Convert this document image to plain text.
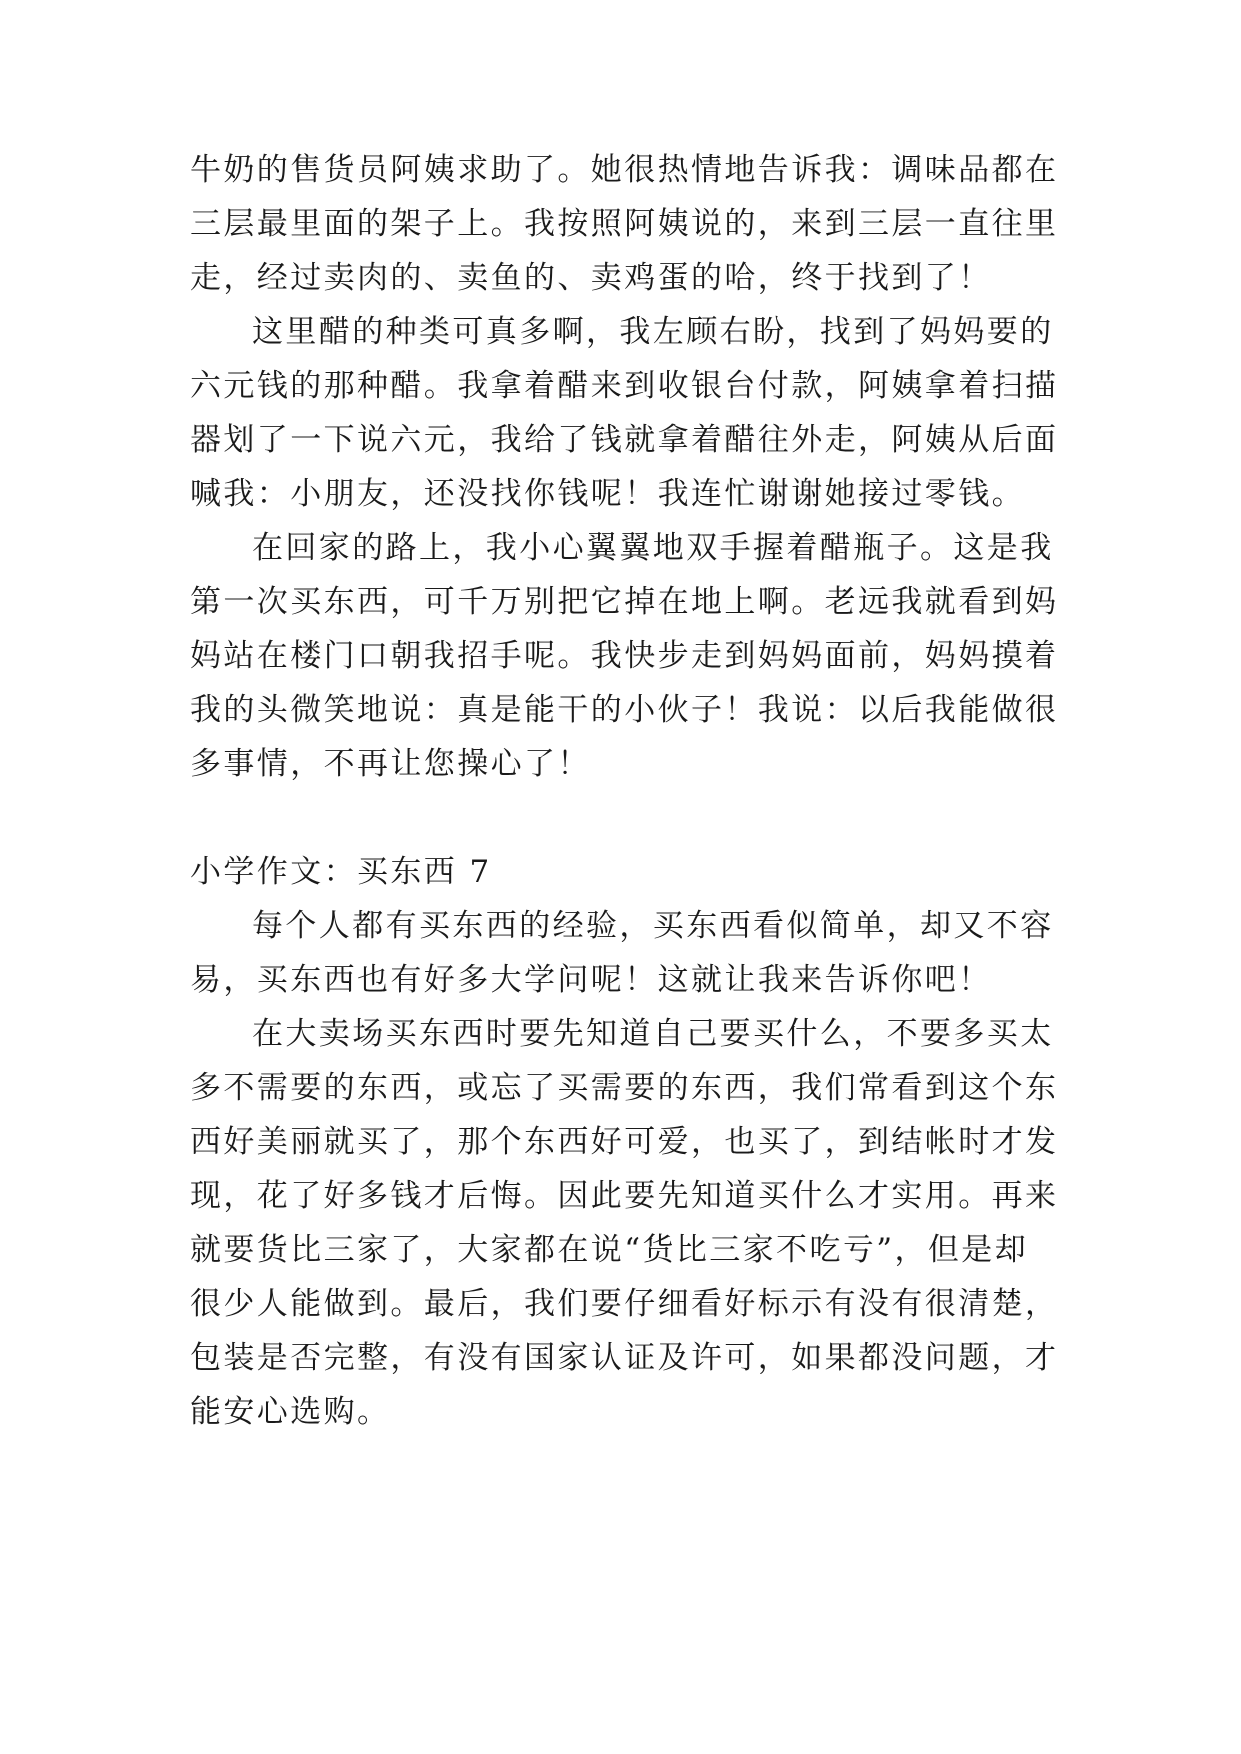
牛奶的售货员阿姨求助了。她很热情地告诉我：调味品都在
三层最里面的架子上。我按照阿姨说的，来到三层一直往里
走，经过卖肉的、卖鱼的、卖鸡蛋的哈，终于找到了！
这里醋的种类可真多啊，我左顾右盼，找到了妈妈要的
六元钱的那种醋。我拿着醋来到收银台付款，阿姨拿着扫描
器划了一下说六元，我给了钱就拿着醋往外走，阿姨从后面
喊我：小朋友，还没找你钱呢！我连忙谢谢她接过零钱。
在回家的路上，我小心翼翼地双手握着醋瓶子。这是我
第一次买东西，可千万别把它掉在地上啊。老远我就看到妈
妈站在楼门口朝我招手呢。我快步走到妈妈面前，妈妈摸着
我的头微笑地说：真是能干的小伙子！我说：以后我能做很
多事情，不再让您操心了！
小学作文：买东西 7
每个人都有买东西的经验，买东西看似简单，却又不容
易，买东西也有好多大学问呢！这就让我来告诉你吧！
在大卖场买东西时要先知道自己要买什么，不要多买太
多不需要的东西，或忘了买需要的东西，我们常看到这个东
西好美丽就买了，那个东西好可爱，也买了，到结帐时才发
现，花了好多钱才后悔。因此要先知道买什么才实用。再来
就要货比三家了，大家都在说“货比三家不吃亏”，但是却
很少人能做到。最后，我们要仔细看好标示有没有很清楚，
包装是否完整，有没有国家认证及许可，如果都没问题，才
能安心选购。
